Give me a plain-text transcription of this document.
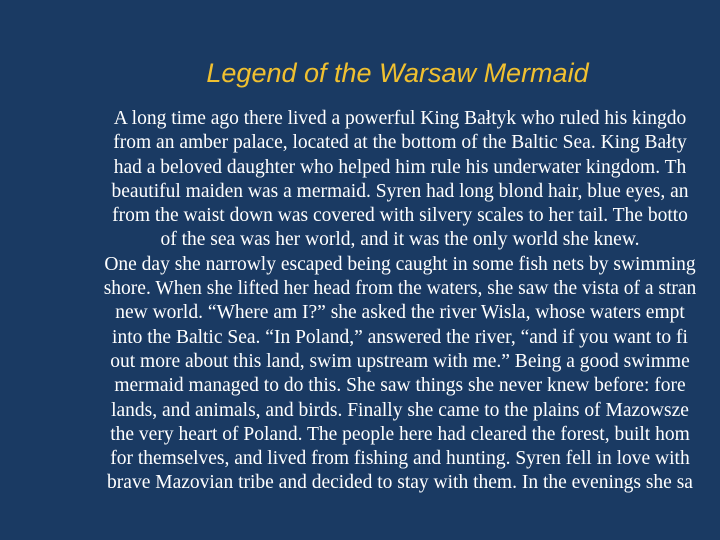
Legend of the Warsaw Mermaid
A long time ago there lived a powerful King Bałtyk who ruled his kingdo
from an amber palace, located at the bottom of the Baltic Sea. King Bałty
had a beloved daughter who helped him rule his underwater kingdom. Th
beautiful maiden was a mermaid. Syren had long blond hair, blue eyes, an
from the waist down was covered with silvery scales to her tail. The botto
of the sea was her world, and it was the only world she knew.
One day she narrowly escaped being caught in some fish nets by swimming
shore. When she lifted her head from the waters, she saw the vista of a stran
new world. “Where am I?” she asked the river Wisla, whose waters empt
into the Baltic Sea. “In Poland,” answered the river, “and if you want to fi
out more about this land, swim upstream with me.” Being a good swimme
mermaid managed to do this. She saw things she never knew before: fore
lands, and animals, and birds. Finally she came to the plains of Mazowsze
the very heart of Poland. The people here had cleared the forest, built hom
for themselves, and lived from fishing and hunting. Syren fell in love with
brave Mazovian tribe and decided to stay with them. In the evenings she sa
